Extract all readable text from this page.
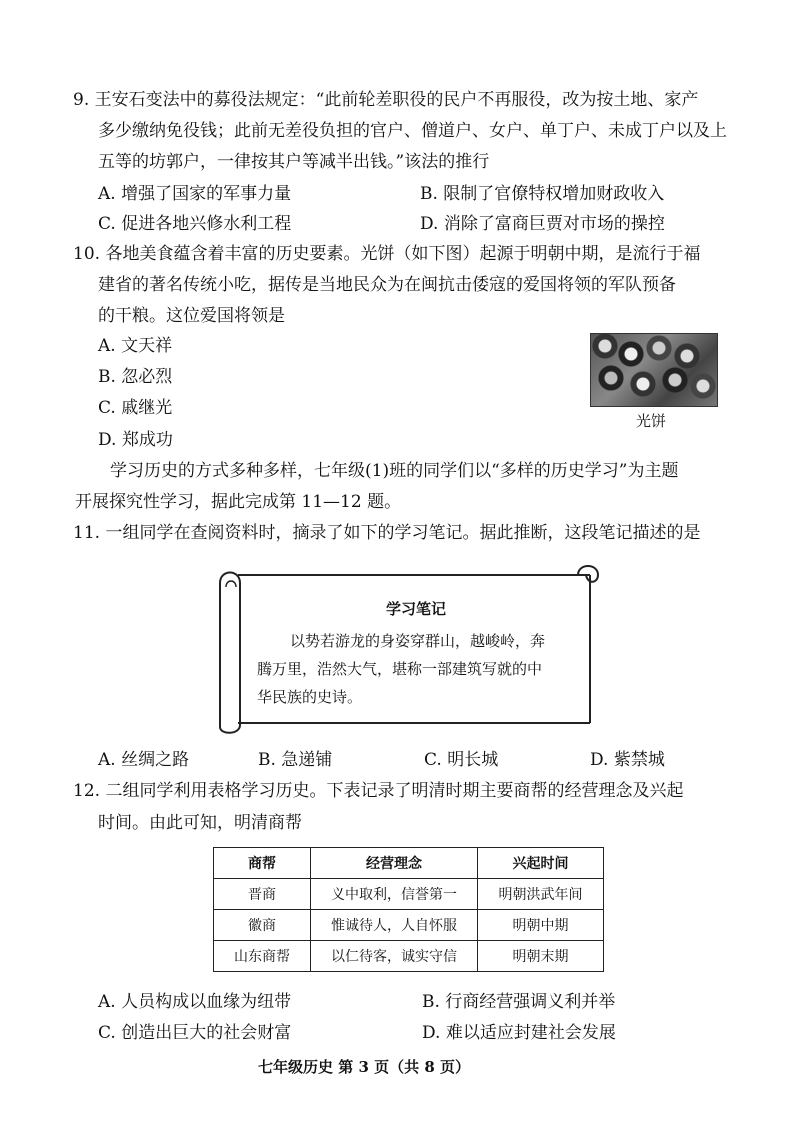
9. 王安石变法中的募役法规定：“此前轮差职役的民户不再服役，改为按土地、家产
多少缴纳免役钱；此前无差役负担的官户、僧道户、女户、单丁户、未成丁户以及上
五等的坊郭户，一律按其户等减半出钱。”该法的推行
A. 增强了国家的军事力量	B. 限制了官僚特权增加财政收入
C. 促进各地兴修水利工程	D. 消除了富商巨贾对市场的操控
10. 各地美食蕴含着丰富的历史要素。光饼（如下图）起源于明朝中期，是流行于福
建省的著名传统小吃，据传是当地民众为在闽抗击倭寇的爱国将领的军队预备
的干粮。这位爱国将领是
A. 文天祥
B. 忽必烈
C. 戚继光
D. 郑成功
光饼
学习历史的方式多种多样，七年级(1)班的同学们以“多样的历史学习”为主题
开展探究性学习，据此完成第 11—12 题。
11. 一组同学在查阅资料时，摘录了如下的学习笔记。据此推断，这段笔记描述的是
学习笔记
以势若游龙的身姿穿群山，越峻岭，奔
腾万里，浩然大气，堪称一部建筑写就的中
华民族的史诗。
A. 丝绸之路	B. 急递铺	C. 明长城	D. 紫禁城
12. 二组同学利用表格学习历史。下表记录了明清时期主要商帮的经营理念及兴起
时间。由此可知，明清商帮
商帮	经营理念	兴起时间
晋商	义中取利，信誉第一	明朝洪武年间
徽商	惟诚待人，人自怀服	明朝中期
山东商帮	以仁待客，诚实守信	明朝末期
A. 人员构成以血缘为纽带	B. 行商经营强调义利并举
C. 创造出巨大的社会财富	D. 难以适应封建社会发展
七年级历史 第 3 页（共 8 页）
